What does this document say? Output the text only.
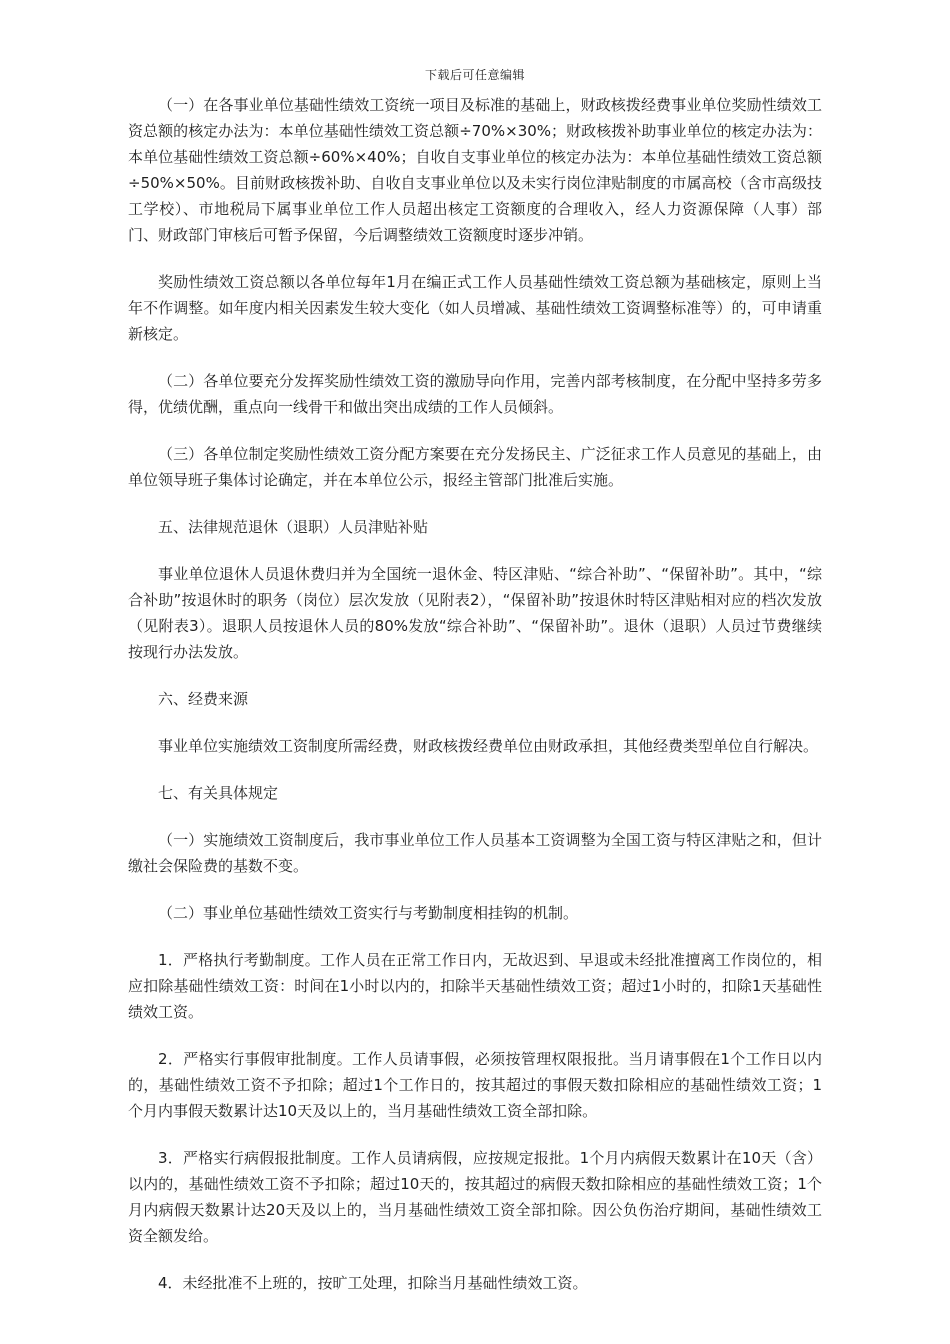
下载后可任意编辑

（一）在各事业单位基础性绩效工资统一项目及标准的基础上，财政核拨经费事业单位奖励性绩效工资总额的核定办法为：本单位基础性绩效工资总额÷70%×30%；财政核拨补助事业单位的核定办法为：本单位基础性绩效工资总额÷60%×40%；自收自支事业单位的核定办法为：本单位基础性绩效工资总额÷50%×50%。目前财政核拨补助、自收自支事业单位以及未实行岗位津贴制度的市属高校（含市高级技工学校）、市地税局下属事业单位工作人员超出核定工资额度的合理收入，经人力资源保障（人事）部门、财政部门审核后可暂予保留，今后调整绩效工资额度时逐步冲销。

奖励性绩效工资总额以各单位每年1月在编正式工作人员基础性绩效工资总额为基础核定，原则上当年不作调整。如年度内相关因素发生较大变化（如人员增减、基础性绩效工资调整标准等）的，可申请重新核定。

（二）各单位要充分发挥奖励性绩效工资的激励导向作用，完善内部考核制度，在分配中坚持多劳多得，优绩优酬，重点向一线骨干和做出突出成绩的工作人员倾斜。

（三）各单位制定奖励性绩效工资分配方案要在充分发扬民主、广泛征求工作人员意见的基础上，由单位领导班子集体讨论确定，并在本单位公示，报经主管部门批准后实施。

五、法律规范退休（退职）人员津贴补贴

事业单位退休人员退休费归并为全国统一退休金、特区津贴、“综合补助”、“保留补助”。其中，“综合补助”按退休时的职务（岗位）层次发放（见附表2），“保留补助”按退休时特区津贴相对应的档次发放（见附表3）。退职人员按退休人员的80%发放“综合补助”、“保留补助”。退休（退职）人员过节费继续按现行办法发放。

六、经费来源

事业单位实施绩效工资制度所需经费，财政核拨经费单位由财政承担，其他经费类型单位自行解决。

七、有关具体规定

（一）实施绩效工资制度后，我市事业单位工作人员基本工资调整为全国工资与特区津贴之和，但计缴社会保险费的基数不变。

（二）事业单位基础性绩效工资实行与考勤制度相挂钩的机制。

1．严格执行考勤制度。工作人员在正常工作日内，无故迟到、早退或未经批准擅离工作岗位的，相应扣除基础性绩效工资：时间在1小时以内的，扣除半天基础性绩效工资；超过1小时的，扣除1天基础性绩效工资。

2．严格实行事假审批制度。工作人员请事假，必须按管理权限报批。当月请事假在1个工作日以内的，基础性绩效工资不予扣除；超过1个工作日的，按其超过的事假天数扣除相应的基础性绩效工资；1个月内事假天数累计达10天及以上的，当月基础性绩效工资全部扣除。

3．严格实行病假报批制度。工作人员请病假，应按规定报批。1个月内病假天数累计在10天（含）以内的，基础性绩效工资不予扣除；超过10天的，按其超过的病假天数扣除相应的基础性绩效工资；1个月内病假天数累计达20天及以上的，当月基础性绩效工资全部扣除。因公负伤治疗期间，基础性绩效工资全额发给。

4．未经批准不上班的，按旷工处理，扣除当月基础性绩效工资。
